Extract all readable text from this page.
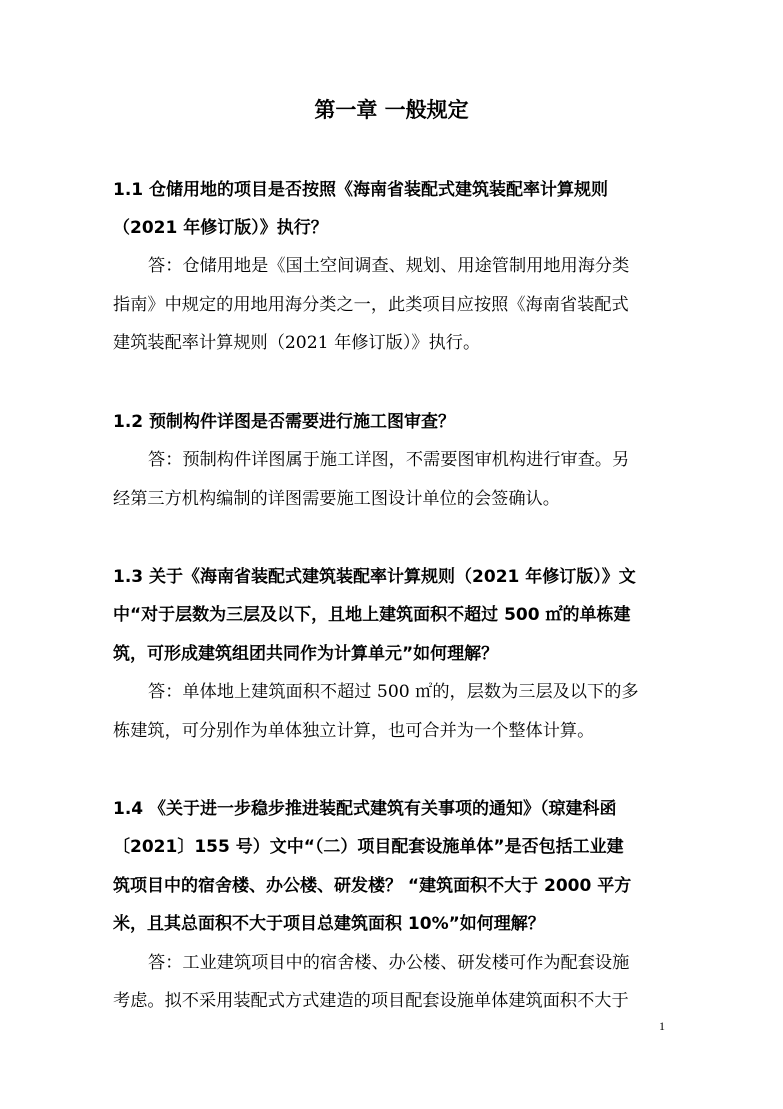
第一章 一般规定
1.1 仓储用地的项目是否按照《海南省装配式建筑装配率计算规则
（2021 年修订版）》执行？
答：仓储用地是《国土空间调查、规划、用途管制用地用海分类
指南》中规定的用地用海分类之一，此类项目应按照《海南省装配式
建筑装配率计算规则（2021 年修订版）》执行。
1.2 预制构件详图是否需要进行施工图审查？
答：预制构件详图属于施工详图，不需要图审机构进行审查。另
经第三方机构编制的详图需要施工图设计单位的会签确认。
1.3 关于《海南省装配式建筑装配率计算规则（2021 年修订版）》文
中“对于层数为三层及以下，且地上建筑面积不超过 500 ㎡的单栋建
筑，可形成建筑组团共同作为计算单元”如何理解？
答：单体地上建筑面积不超过 500 ㎡的，层数为三层及以下的多
栋建筑，可分别作为单体独立计算，也可合并为一个整体计算。
1.4 《关于进一步稳步推进装配式建筑有关事项的通知》（琼建科函
〔2021〕155 号）文中“（二）项目配套设施单体”是否包括工业建
筑项目中的宿舍楼、办公楼、研发楼？ “建筑面积不大于 2000 平方
米，且其总面积不大于项目总建筑面积 10%”如何理解？
答：工业建筑项目中的宿舍楼、办公楼、研发楼可作为配套设施
考虑。拟不采用装配式方式建造的项目配套设施单体建筑面积不大于
1
